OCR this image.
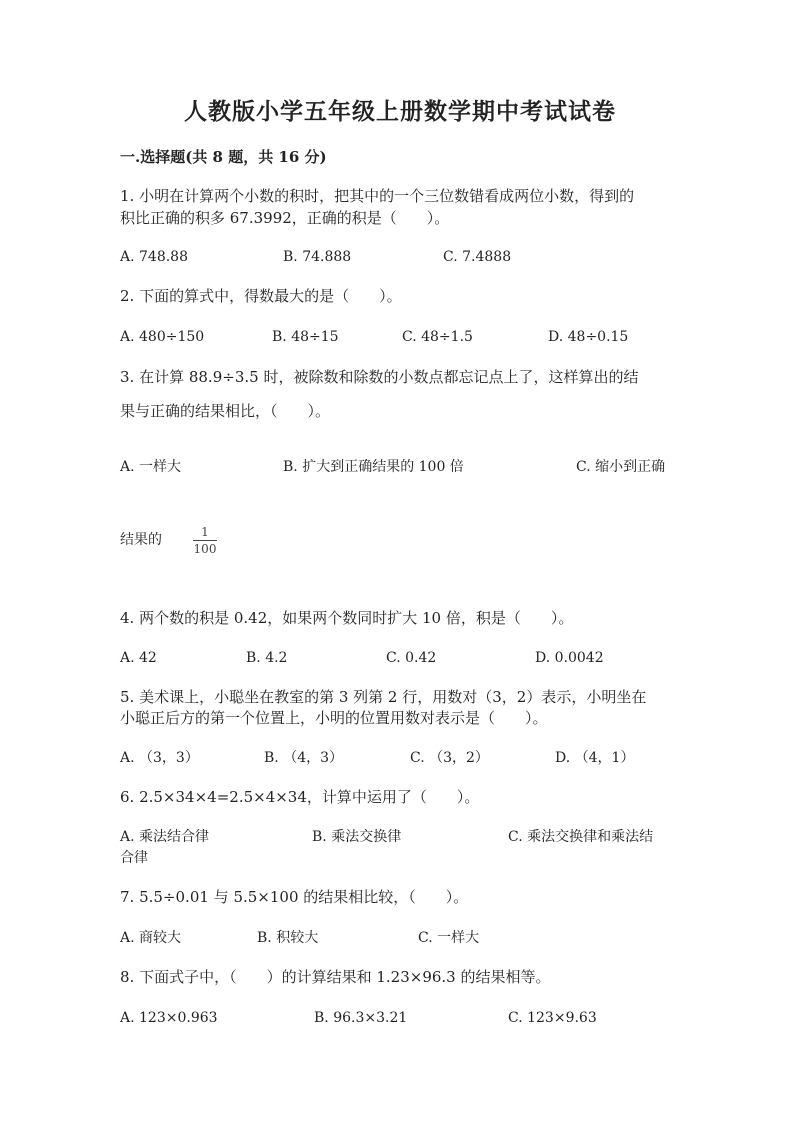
人教版小学五年级上册数学期中考试试卷
一.选择题(共 8 题，共 16 分)
1. 小明在计算两个小数的积时，把其中的一个三位数错看成两位小数，得到的
积比正确的积多 67.3992，正确的积是（　　）。
A. 748.88	B. 74.888	C. 7.4888
2. 下面的算式中，得数最大的是（　　）。
A. 480÷150	B. 48÷15	C. 48÷1.5	D. 48÷0.15
3. 在计算 88.9÷3.5 时，被除数和除数的小数点都忘记点上了，这样算出的结
果与正确的结果相比，（　　）。
A. 一样大	B. 扩大到正确结果的 100 倍	C. 缩小到正确
结果的	1
100
4. 两个数的积是 0.42，如果两个数同时扩大 10 倍，积是（　　）。
A. 42	B. 4.2	C. 0.42	D. 0.0042
5. 美术课上，小聪坐在教室的第 3 列第 2 行，用数对（3，2）表示，小明坐在
小聪正后方的第一个位置上，小明的位置用数对表示是（　　）。
A. （3，3）	B. （4，3）	C. （3，2）	D. （4，1）
6. 2.5×34×4=2.5×4×34，计算中运用了（　　）。
A. 乘法结合律	B. 乘法交换律	C. 乘法交换律和乘法结
合律
7. 5.5÷0.01 与 5.5×100 的结果相比较，（　　）。
A. 商较大	B. 积较大	C. 一样大
8. 下面式子中，（　　）的计算结果和 1.23×96.3 的结果相等。
A. 123×0.963	B. 96.3×3.21	C. 123×9.63
